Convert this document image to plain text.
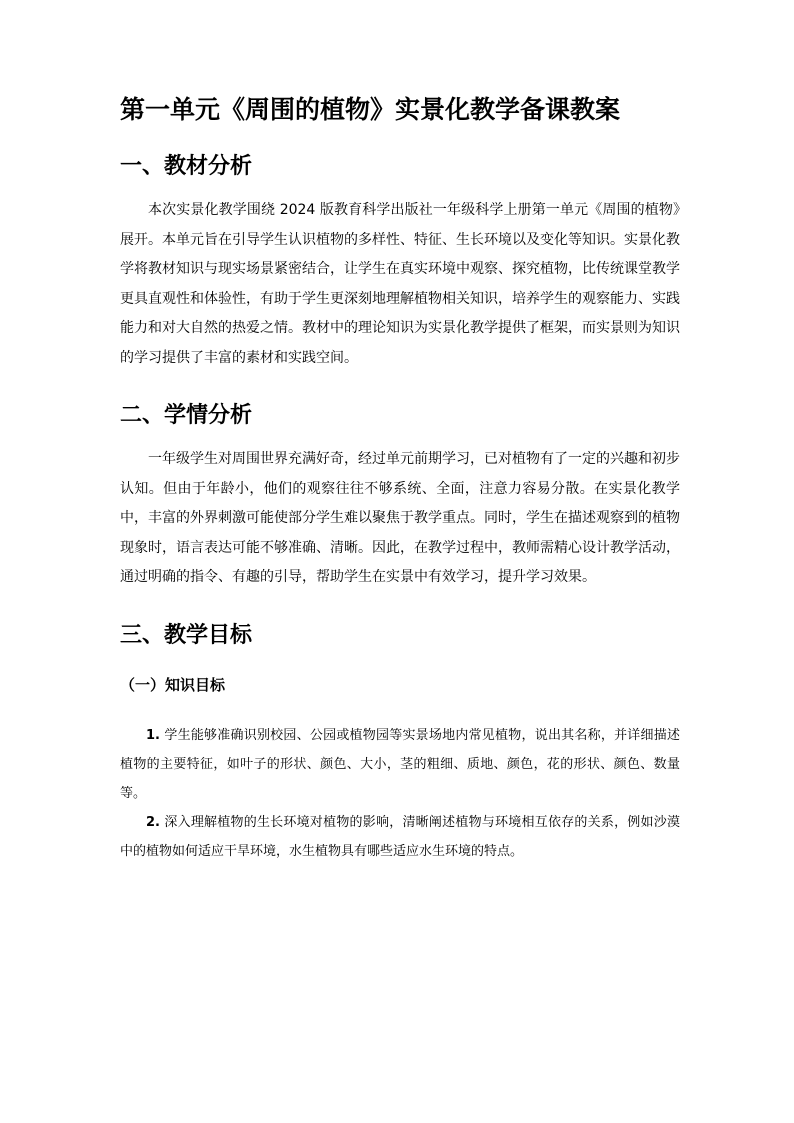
第一单元《周围的植物》实景化教学备课教案
一、教材分析

本次实景化教学围绕 2024 版教育科学出版社一年级科学上册第一单元《周围的植物》展开。本单元旨在引导学生认识植物的多样性、特征、生长环境以及变化等知识。实景化教学将教材知识与现实场景紧密结合，让学生在真实环境中观察、探究植物，比传统课堂教学更具直观性和体验性，有助于学生更深刻地理解植物相关知识，培养学生的观察能力、实践能力和对大自然的热爱之情。教材中的理论知识为实景化教学提供了框架，而实景则为知识的学习提供了丰富的素材和实践空间。

二、学情分析

一年级学生对周围世界充满好奇，经过单元前期学习，已对植物有了一定的兴趣和初步认知。但由于年龄小，他们的观察往往不够系统、全面，注意力容易分散。在实景化教学中，丰富的外界刺激可能使部分学生难以聚焦于教学重点。同时，学生在描述观察到的植物现象时，语言表达可能不够准确、清晰。因此，在教学过程中，教师需精心设计教学活动，通过明确的指令、有趣的引导，帮助学生在实景中有效学习，提升学习效果。

三、教学目标
（一）知识目标

1. 学生能够准确识别校园、公园或植物园等实景场地内常见植物，说出其名称，并详细描述植物的主要特征，如叶子的形状、颜色、大小，茎的粗细、质地、颜色，花的形状、颜色、数量等。

2. 深入理解植物的生长环境对植物的影响，清晰阐述植物与环境相互依存的关系，例如沙漠中的植物如何适应干旱环境，水生植物具有哪些适应水生环境的特点。
